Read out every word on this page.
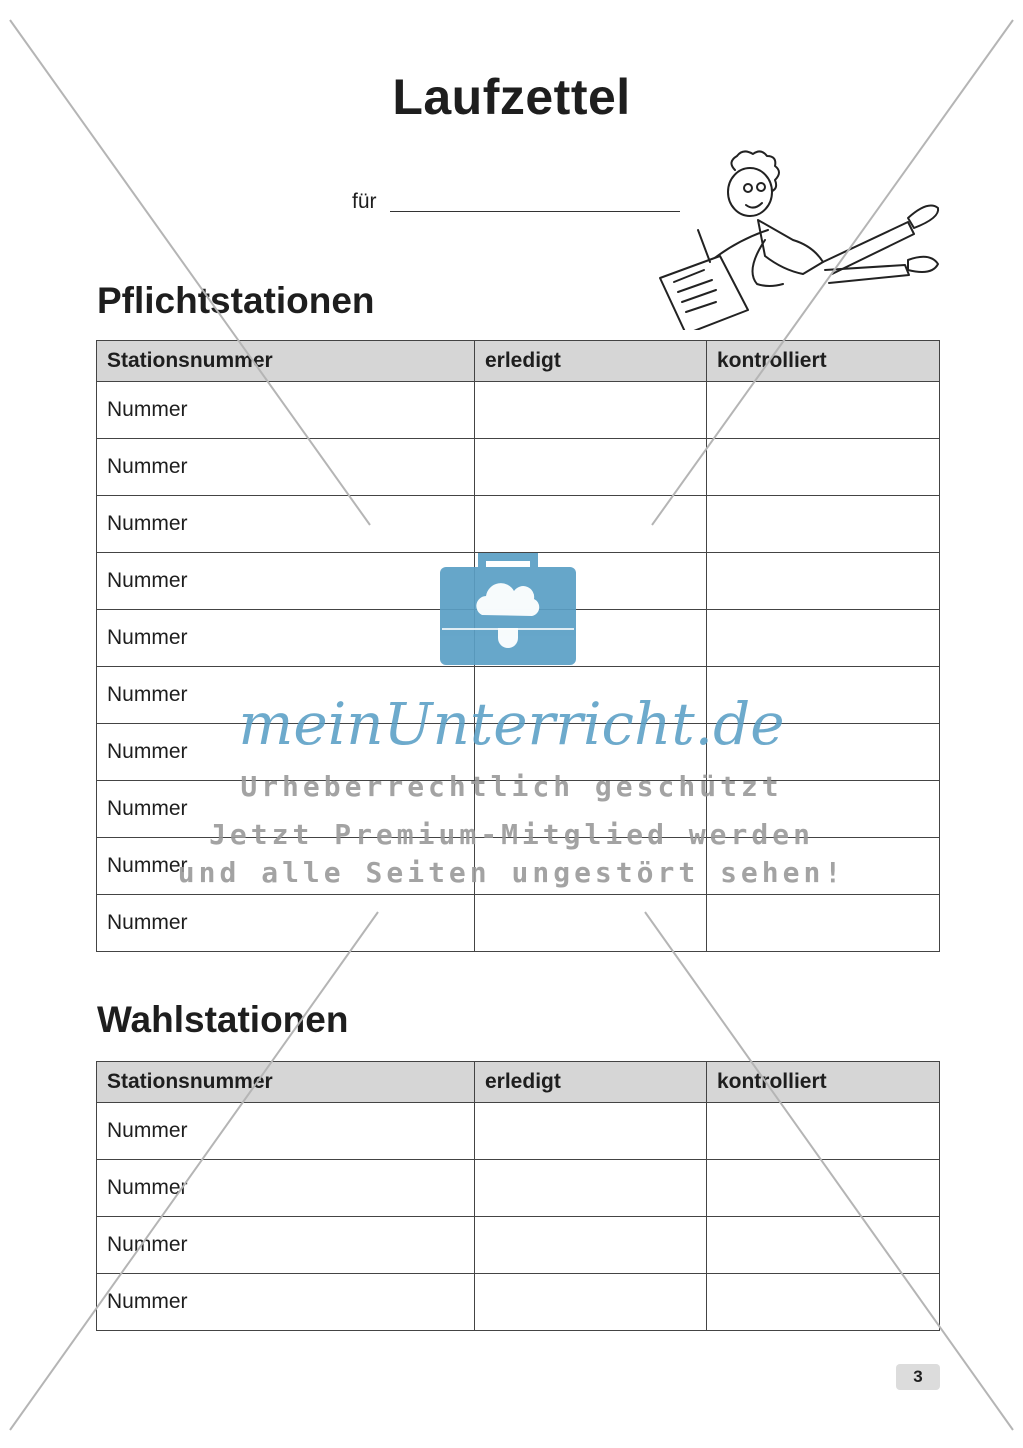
Laufzettel
für
Pflichtstationen
Stationsnummer	erledigt	kontrolliert
Nummer		
Nummer		
Nummer		
Nummer		
Nummer		
Nummer		
Nummer		
Nummer		
Nummer		
Nummer		
Wahlstationen
Stationsnummer	erledigt	kontrolliert
Nummer		
Nummer		
Nummer		
Nummer		
3
meinUnterricht.de
Urheberrechtlich geschützt
Jetzt Premium-Mitglied werden
und alle Seiten ungestört sehen!
